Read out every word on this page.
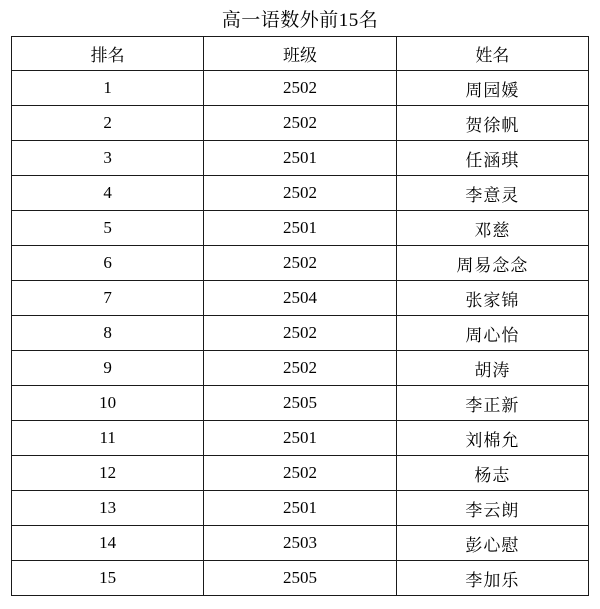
高一语数外前15名		
排名	班级	姓名
1	2502	周园媛
2	2502	贺徐帆
3	2501	任涵琪
4	2502	李意灵
5	2501	邓慈
6	2502	周易念念
7	2504	张家锦
8	2502	周心怡
9	2502	胡涛
10	2505	李正新
11	2501	刘棉允
12	2502	杨志
13	2501	李云朗
14	2503	彭心慰
15	2505	李加乐
